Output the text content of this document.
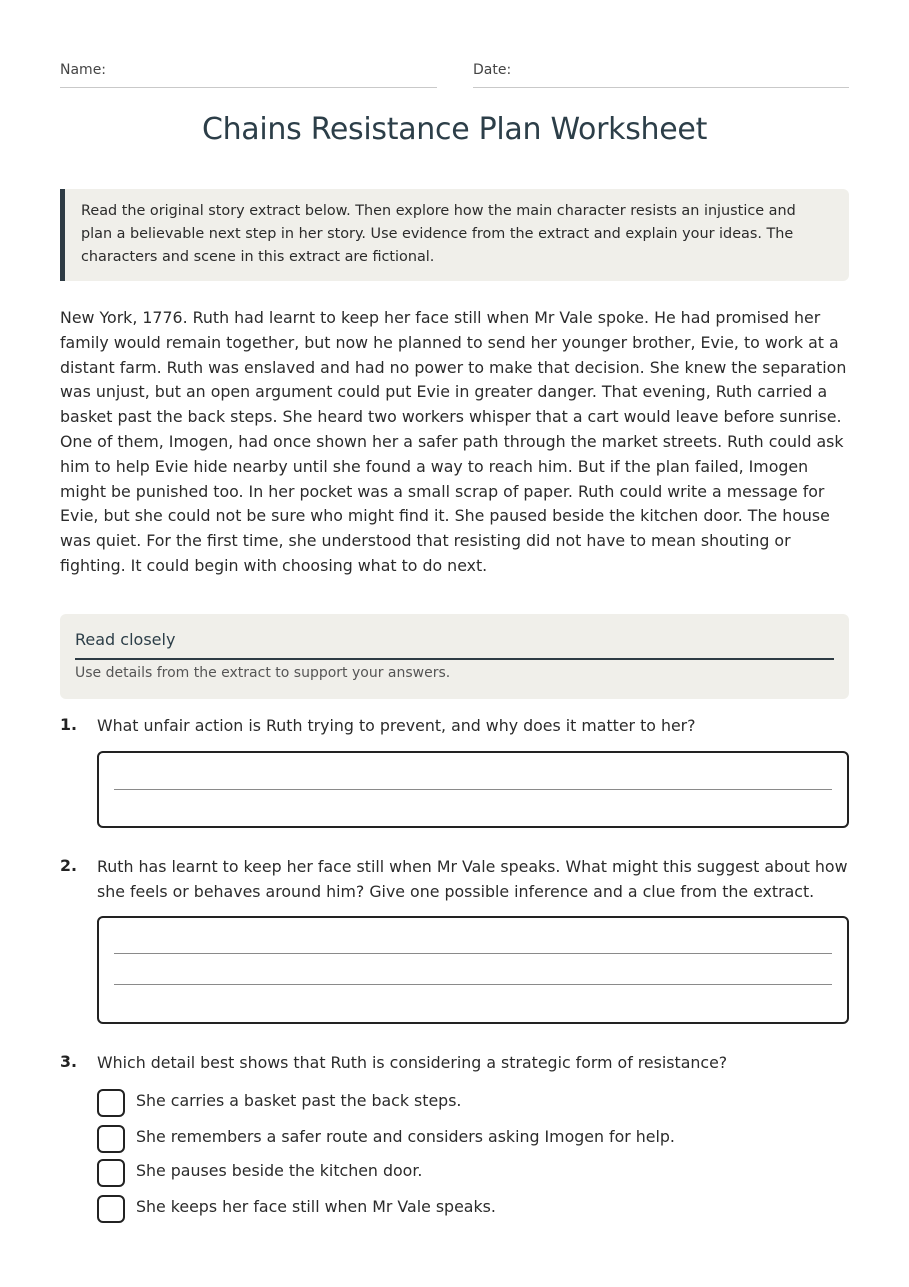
Name:	Date:
Chains Resistance Plan Worksheet

Read the original story extract below. Then explore how the main character resists an injustice and plan a believable next step in her story. Use evidence from the extract and explain your ideas. The characters and scene in this extract are fictional.

New York, 1776. Ruth had learnt to keep her face still when Mr Vale spoke. He had promised her family would remain together, but now he planned to send her younger brother, Evie, to work at a distant farm. Ruth was enslaved and had no power to make that decision. She knew the separation was unjust, but an open argument could put Evie in greater danger. That evening, Ruth carried a basket past the back steps. She heard two workers whisper that a cart would leave before sunrise. One of them, Imogen, had once shown her a safer path through the market streets. Ruth could ask him to help Evie hide nearby until she found a way to reach him. But if the plan failed, Imogen might be punished too. In her pocket was a small scrap of paper. Ruth could write a message for Evie, but she could not be sure who might find it. She paused beside the kitchen door. The house was quiet. For the first time, she understood that resisting did not have to mean shouting or fighting. It could begin with choosing what to do next.

Read closely
Use details from the extract to support your answers.
1. What unfair action is Ruth trying to prevent, and why does it matter to her?
2. Ruth has learnt to keep her face still when Mr Vale speaks. What might this suggest about how she feels or behaves around him? Give one possible inference and a clue from the extract.
3. Which detail best shows that Ruth is considering a strategic form of resistance?
She carries a basket past the back steps.
She remembers a safer route and considers asking Imogen for help.
She pauses beside the kitchen door.
She keeps her face still when Mr Vale speaks.
